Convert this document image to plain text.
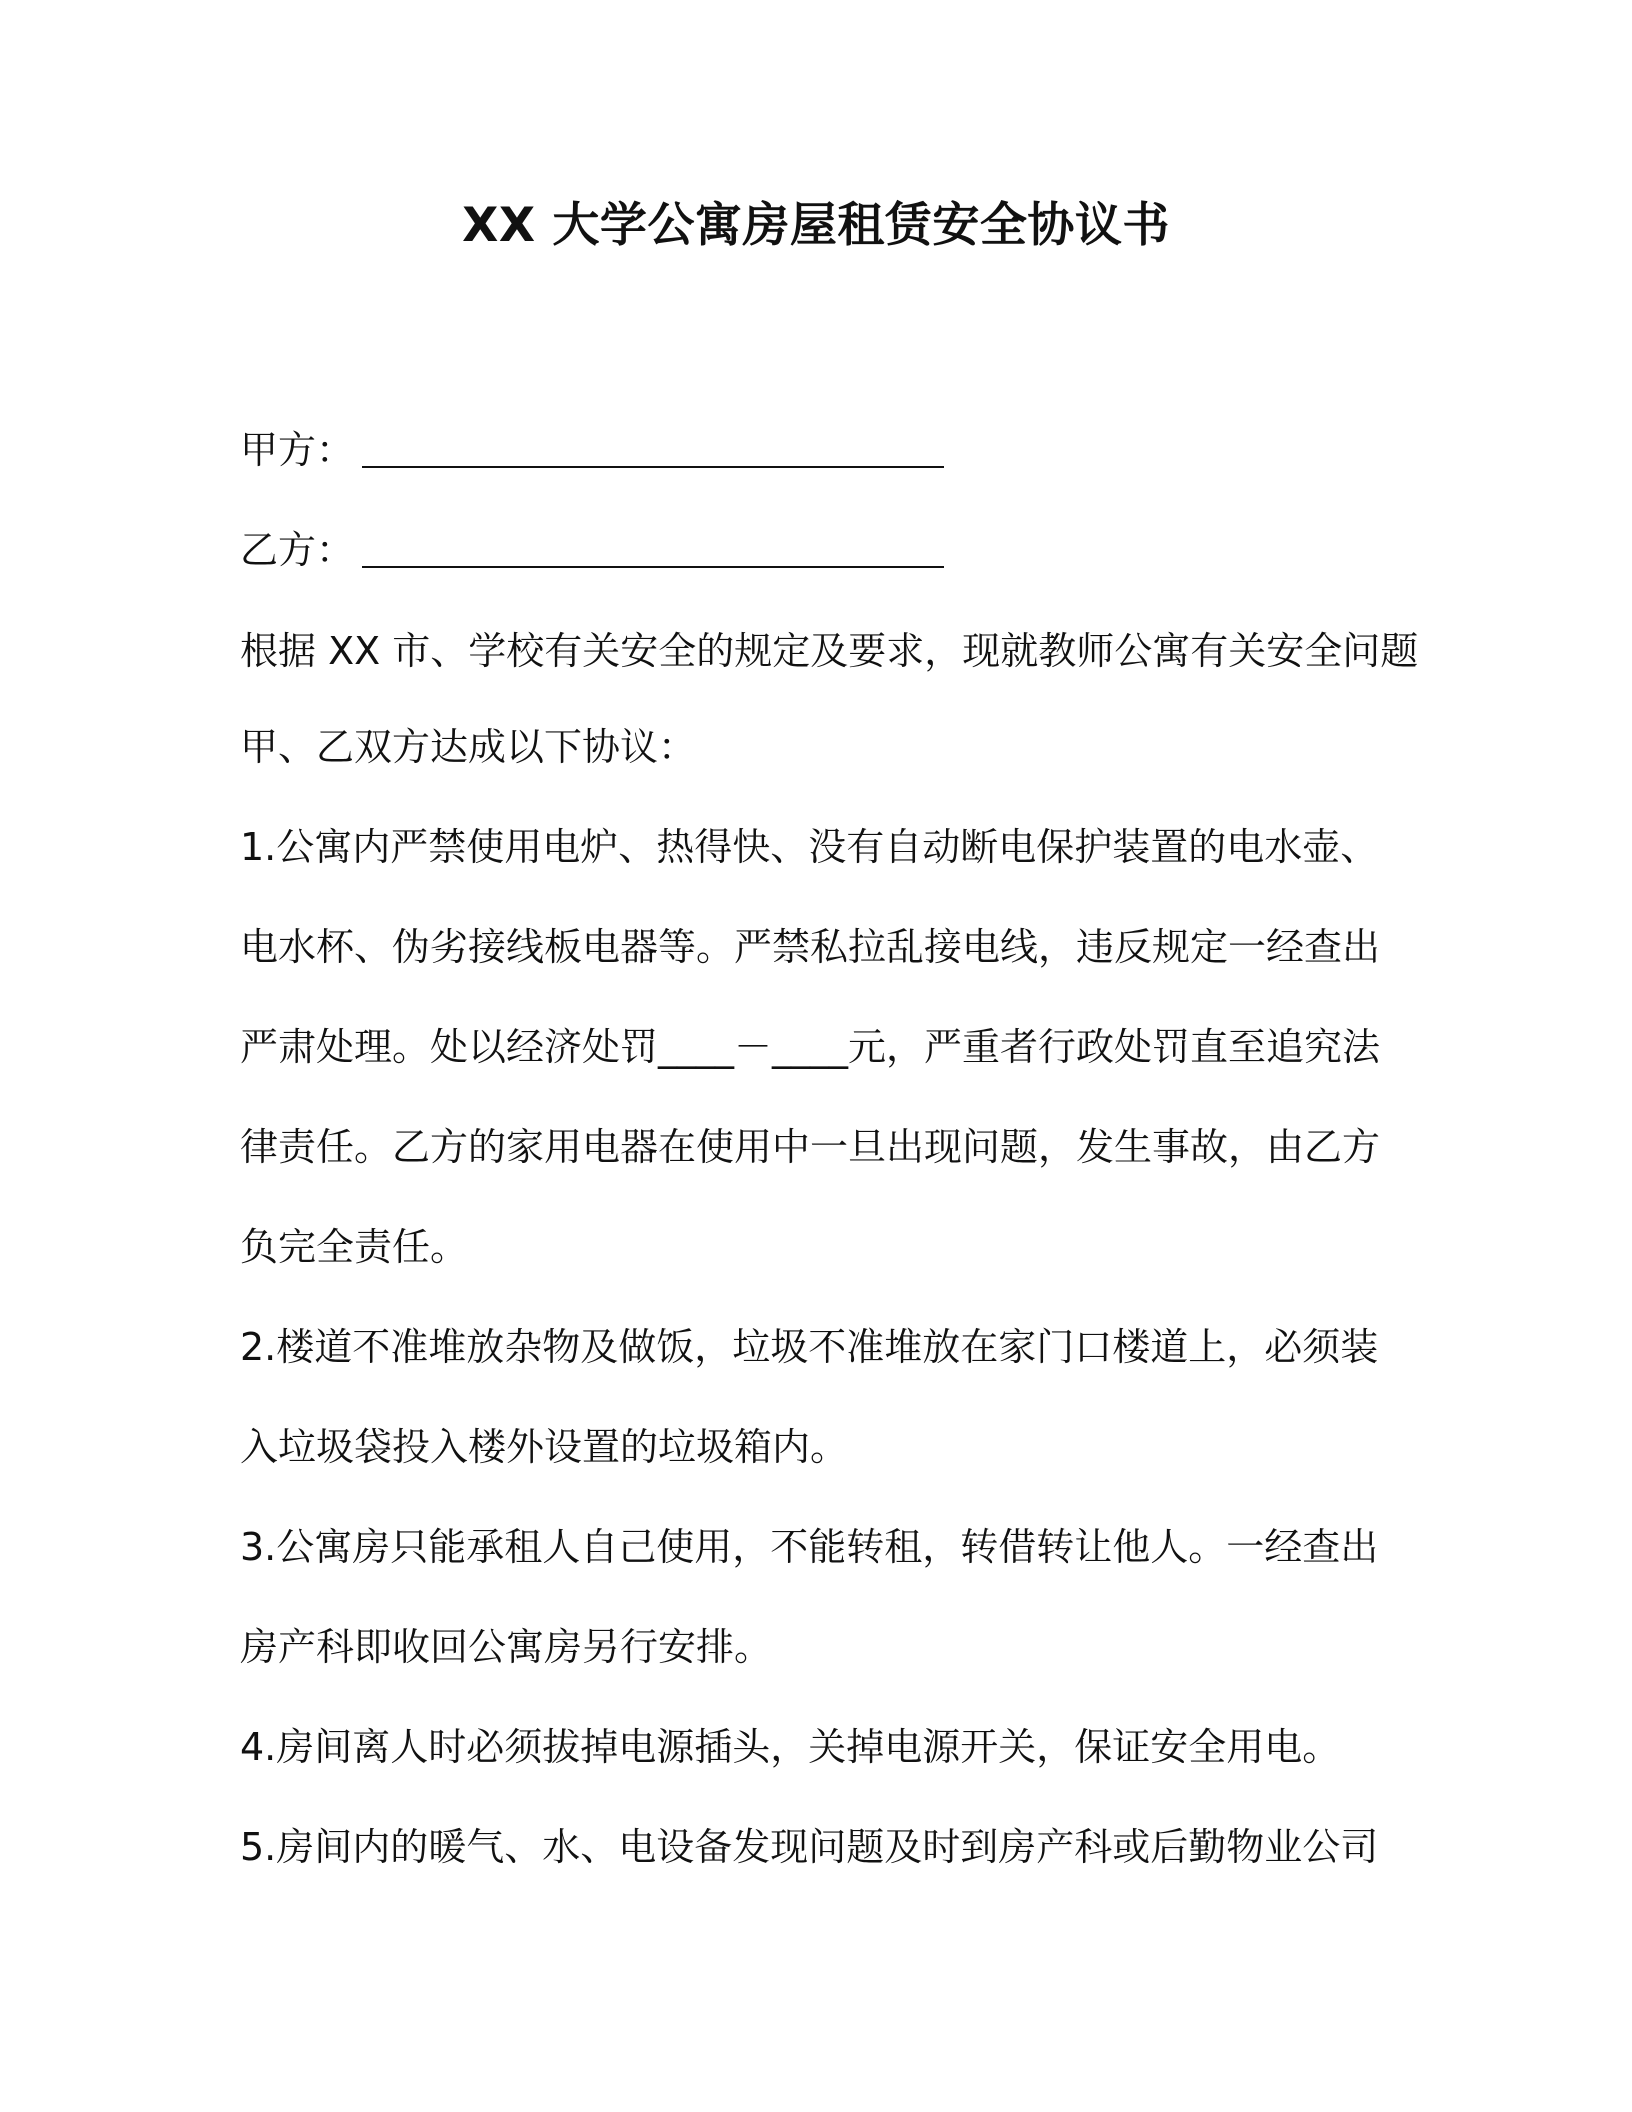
XX 大学公寓房屋租赁安全协议书
甲方：
乙方：
根据 XX 市、学校有关安全的规定及要求，现就教师公寓有关安全问题
甲、乙双方达成以下协议：
1.公寓内严禁使用电炉、热得快、没有自动断电保护装置的电水壶、
电水杯、伪劣接线板电器等。严禁私拉乱接电线，违反规定一经查出
严肃处理。处以经济处罚____－____元，严重者行政处罚直至追究法
律责任。乙方的家用电器在使用中一旦出现问题，发生事故，由乙方
负完全责任。
2.楼道不准堆放杂物及做饭，垃圾不准堆放在家门口楼道上，必须装
入垃圾袋投入楼外设置的垃圾箱内。
3.公寓房只能承租人自己使用，不能转租，转借转让他人。一经查出
房产科即收回公寓房另行安排。
4.房间离人时必须拔掉电源插头，关掉电源开关，保证安全用电。
5.房间内的暖气、水、电设备发现问题及时到房产科或后勤物业公司
